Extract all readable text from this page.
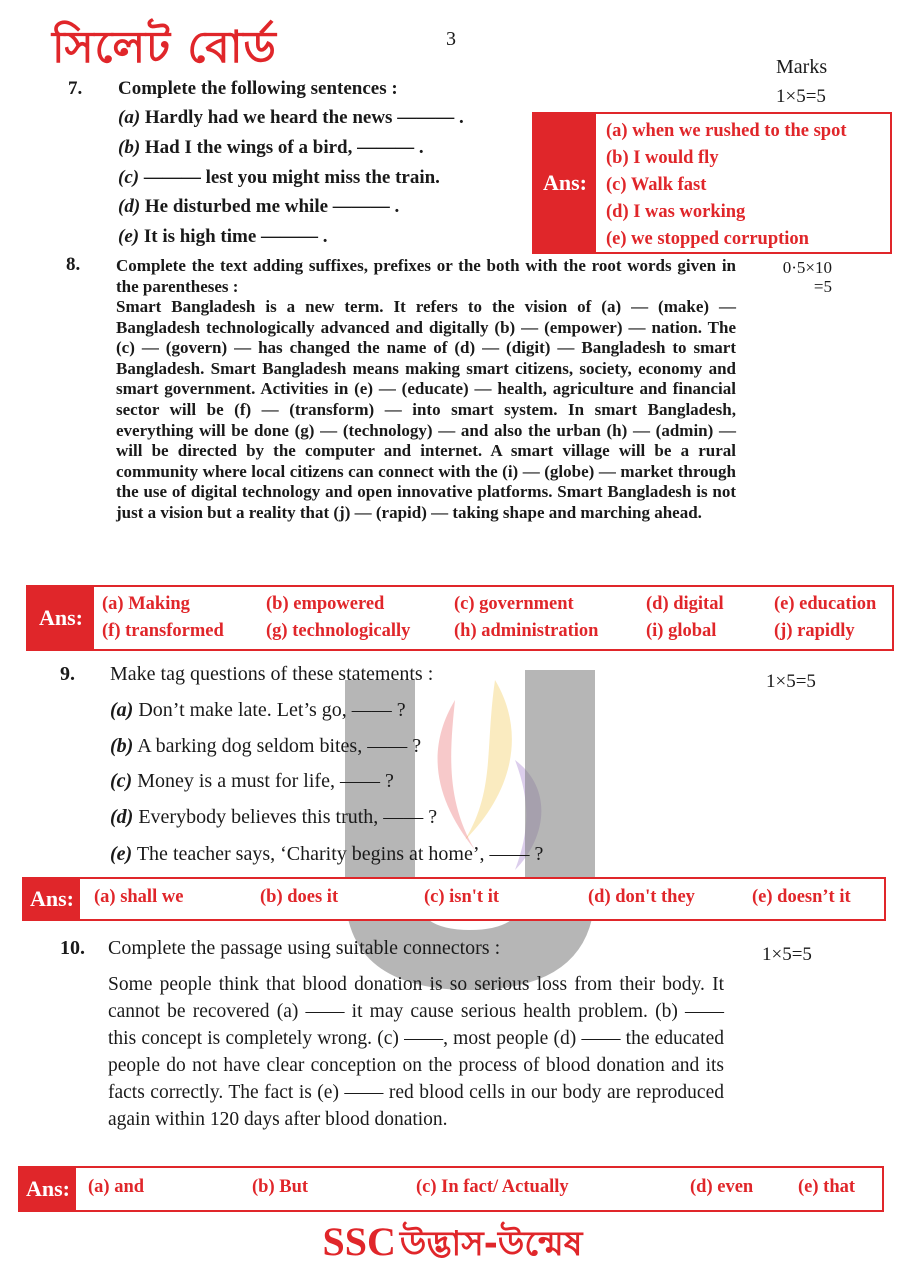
সিলেট বোর্ড	3
Marks
7. Complete the following sentences :	1×5=5
(a) Hardly had we heard the news ——— .
(b) Had I the wings of a bird, ——— .
(c) ——— lest you might miss the train.
(d) He disturbed me while ——— .
(e) It is high time ——— .
Ans:
(a) when we rushed to the spot
(b) I would fly
(c) Walk fast
(d) I was working
(e) we stopped corruption
8.	0·5×10
=5
Complete the text adding suffixes, prefixes or the both with the root words given in the parentheses :
Smart Bangladesh is a new term. It refers to the vision of (a) — (make) — Bangladesh technologically advanced and digitally (b) — (empower) — nation. The (c) — (govern) — has changed the name of (d) — (digit) — Bangladesh to smart Bangladesh. Smart Bangladesh means making smart citizens, society, economy and smart government. Activities in (e) — (educate) — health, agriculture and financial sector will be (f) — (transform) — into smart system. In smart Bangladesh, everything will be done (g) — (technology) — and also the urban (h) — (admin) — will be directed by the computer and internet. A smart village will be a rural community where local citizens can connect with the (i) — (globe) — market through the use of digital technology and open innovative platforms. Smart Bangladesh is not just a vision but a reality that (j) — (rapid) — taking shape and marching ahead.
Ans:
(a) Making	(b) empowered	(c) government	(d) digital	(e) education
(f) transformed (g) technologically (h) administration	(i) global	(j) rapidly
9. Make tag questions of these statements :	1×5=5
(a) Don’t make late. Let’s go, —— ?
(b) A barking dog seldom bites, —— ?
(c) Money is a must for life, —— ?
(d) Everybody believes this truth, —— ?
(e) The teacher says, ‘Charity begins at home’, —— ?
Ans:	(a) shall we	(b) does it	(c) isn't it	(d) don't they	(e) doesn’t it
10. Complete the passage using suitable connectors :	1×5=5
Some people think that blood donation is so serious loss from their body. It cannot be recovered (a) —— it may cause serious health problem. (b) —— this concept is completely wrong. (c) ——, most people (d) —— the educated people do not have clear conception on the process of blood donation and its facts correctly. The fact is (e) —— red blood cells in our body are reproduced again within 120 days after blood donation.
Ans: (a) and	(b) But	(c) In fact/ Actually	(d) even (e) that
SSC উদ্ভাস-উন্মেষ
